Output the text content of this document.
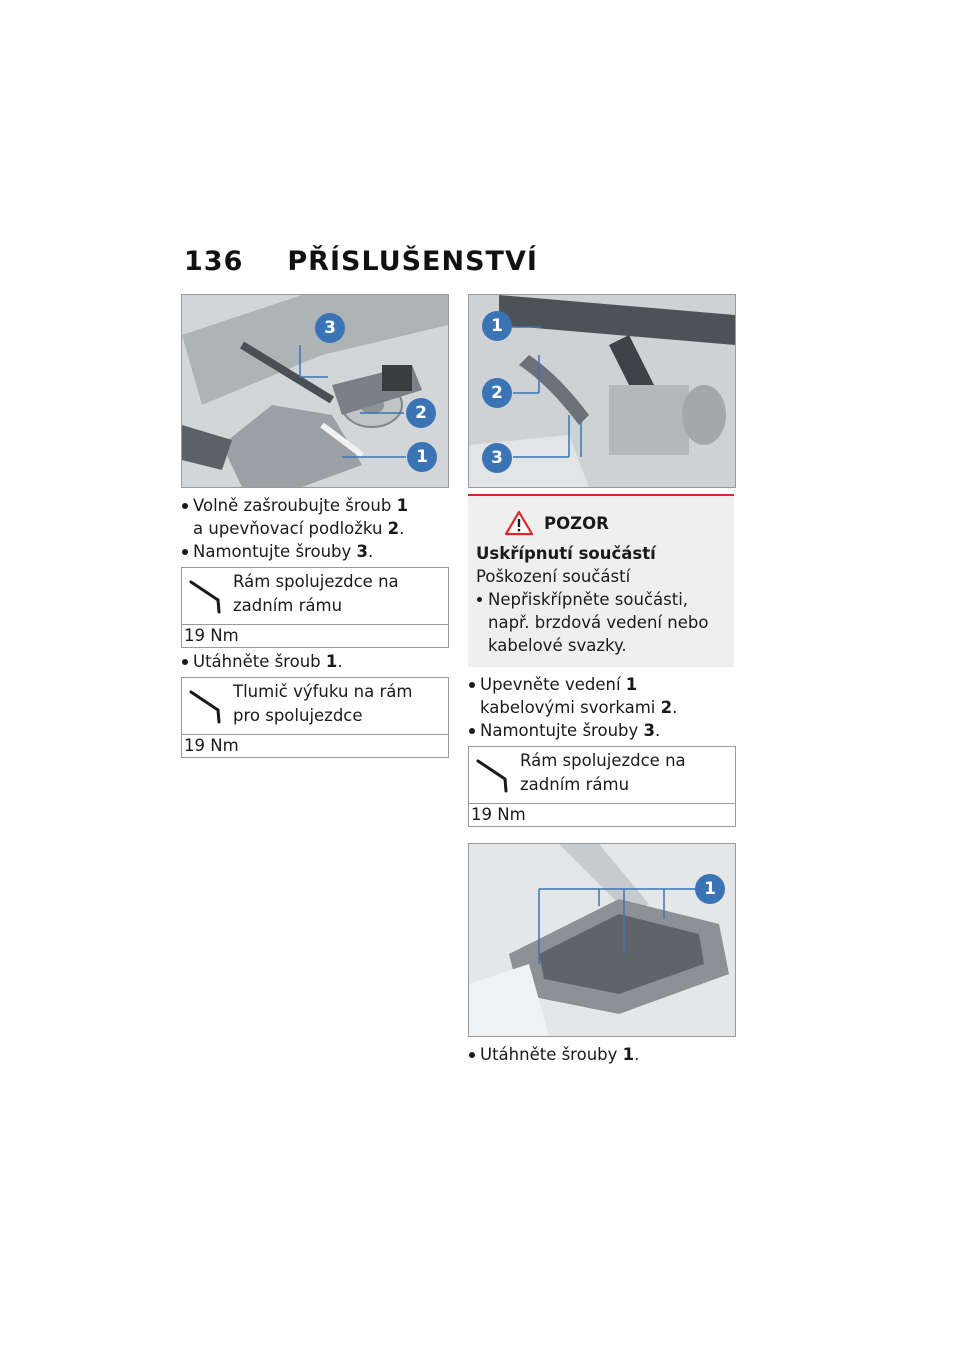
136 PŘÍSLUŠENSTVÍ
3
2
1
Volně zašroubujte šroub 1
a upevňovací podložku 2.
Namontujte šrouby 3.
Rám spolujezdce na zadním rámu
19 Nm
Utáhněte šroub 1.
Tlumič výfuku na rám pro spolujezdce
19 Nm
1
2
3
POZOR
Uskřípnutí součástí
Poškození součástí
Nepřiskřípněte součásti, např. brzdová vedení nebo kabelové svazky.
Upevněte vedení 1 kabelovými svorkami 2.
Namontujte šrouby 3.
Rám spolujezdce na zadním rámu
19 Nm
1
Utáhněte šrouby 1.
